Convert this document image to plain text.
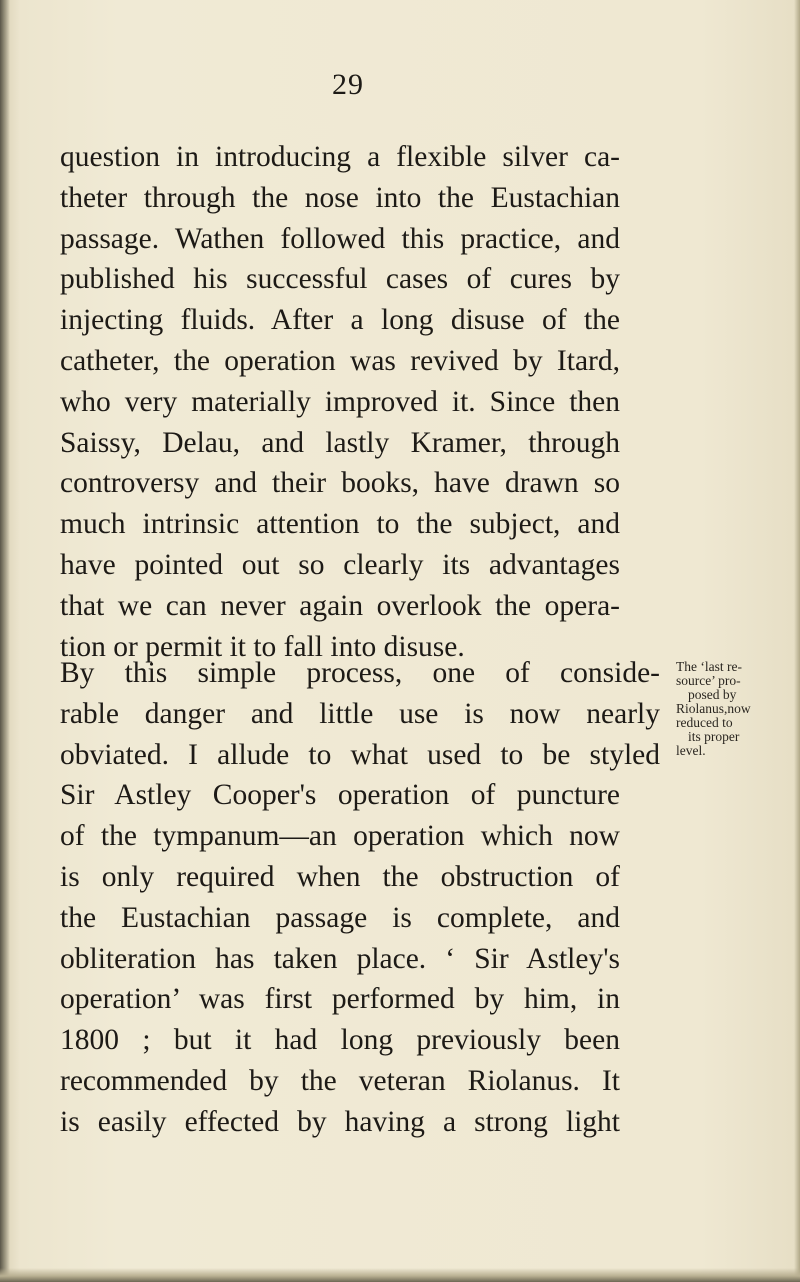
29
question in introducing a flexible silver ca-
theter through the nose into the Eustachian
passage. Wathen followed this practice, and
published his successful cases of cures by
injecting fluids. After a long disuse of the
catheter, the operation was revived by Itard,
who very materially improved it. Since then
Saissy, Delau, and lastly Kramer, through
controversy and their books, have drawn so
much intrinsic attention to the subject, and
have pointed out so clearly its advantages
that we can never again overlook the opera-
tion or permit it to fall into disuse.
By this simple process, one of conside-
rable danger and little use is now nearly
obviated. I allude to what used to be styled
Sir Astley Cooper's operation of puncture
of the tympanum—an operation which now
is only required when the obstruction of
the Eustachian passage is complete, and
obliteration has taken place. ‘ Sir Astley's
operation’ was first performed by him, in
1800 ; but it had long previously been
recommended by the veteran Riolanus. It
is easily effected by having a strong light
The ‘last re-
source’ pro-
posed by
Riolanus,now
reduced to
its proper
level.
